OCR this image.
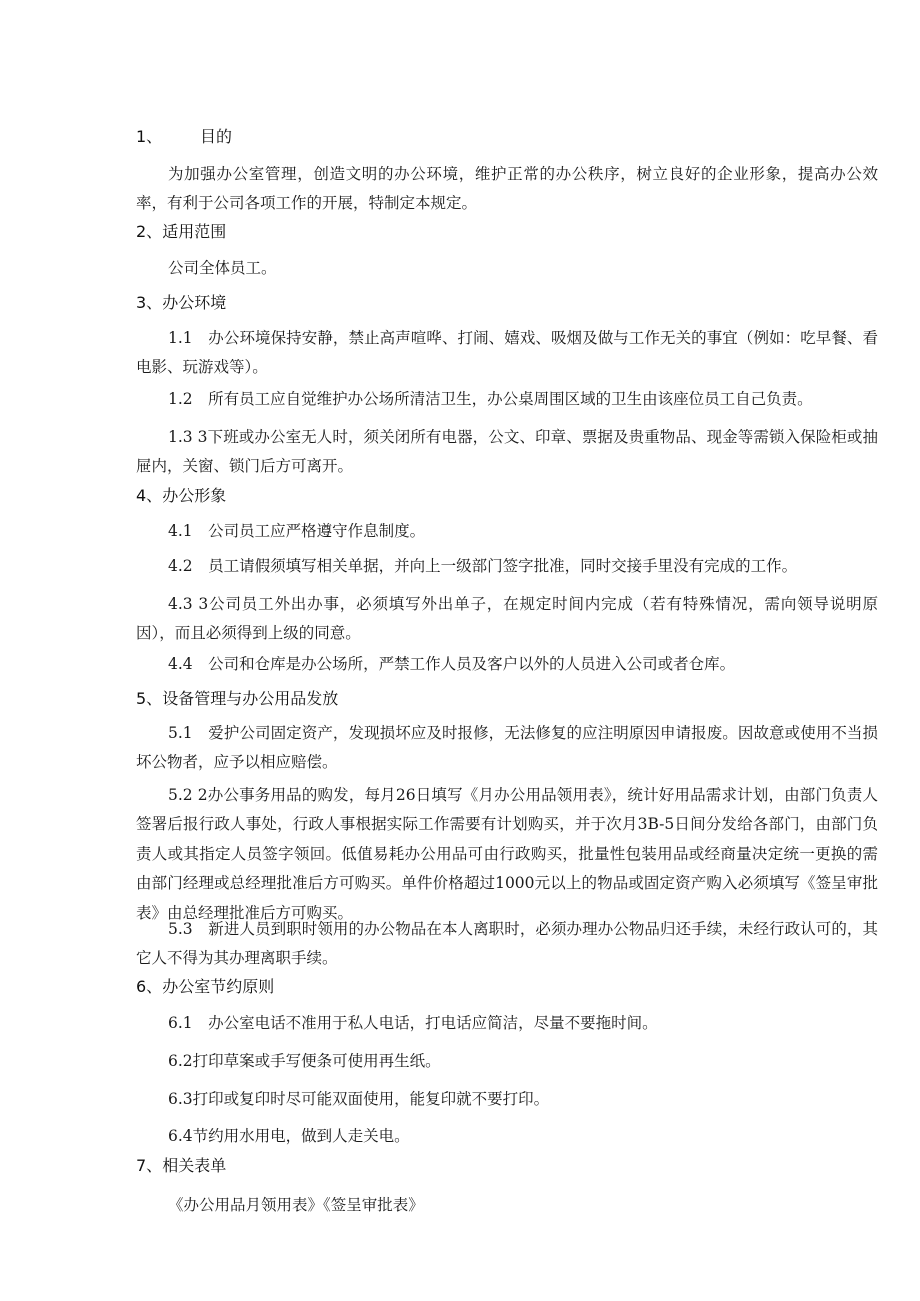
1、 目的

为加强办公室管理，创造文明的办公环境，维护正常的办公秩序，树立良好的企业形象，提高办公效率，有利于公司各项工作的开展，特制定本规定。

2、适用范围

公司全体员工。

3、办公环境

1.1　办公环境保持安静，禁止高声喧哗、打闹、嬉戏、吸烟及做与工作无关的事宜（例如：吃早餐、看电影、玩游戏等）。

1.2　所有员工应自觉维护办公场所清洁卫生，办公桌周围区域的卫生由该座位员工自己负责。

1.3 3下班或办公室无人时，须关闭所有电器，公文、印章、票据及贵重物品、现金等需锁入保险柜或抽屉内，关窗、锁门后方可离开。

4、办公形象

4.1　公司员工应严格遵守作息制度。

4.2　员工请假须填写相关单据，并向上一级部门签字批准，同时交接手里没有完成的工作。

4.3 3公司员工外出办事，必须填写外出单子，在规定时间内完成（若有特殊情况，需向领导说明原因），而且必须得到上级的同意。

4.4　公司和仓库是办公场所，严禁工作人员及客户以外的人员进入公司或者仓库。

5、设备管理与办公用品发放

5.1　爱护公司固定资产，发现损坏应及时报修，无法修复的应注明原因申请报废。因故意或使用不当损坏公物者，应予以相应赔偿。

5.2 2办公事务用品的购发，每月26日填写《月办公用品领用表》，统计好用品需求计划，由部门负责人签署后报行政人事处，行政人事根据实际工作需要有计划购买，并于次月3B-5日间分发给各部门，由部门负责人或其指定人员签字领回。低值易耗办公用品可由行政购买，批量性包装用品或经商量决定统一更换的需由部门经理或总经理批准后方可购买。单件价格超过1000元以上的物品或固定资产购入必须填写《签呈审批表》由总经理批准后方可购买。

5.3　新进人员到职时领用的办公物品在本人离职时，必须办理办公物品归还手续，未经行政认可的，其它人不得为其办理离职手续。

6、办公室节约原则

6.1　办公室电话不准用于私人电话，打电话应简洁，尽量不要拖时间。

6.2打印草案或手写便条可使用再生纸。

6.3打印或复印时尽可能双面使用，能复印就不要打印。

6.4节约用水用电，做到人走关电。

7、相关表单

《办公用品月领用表》《签呈审批表》
